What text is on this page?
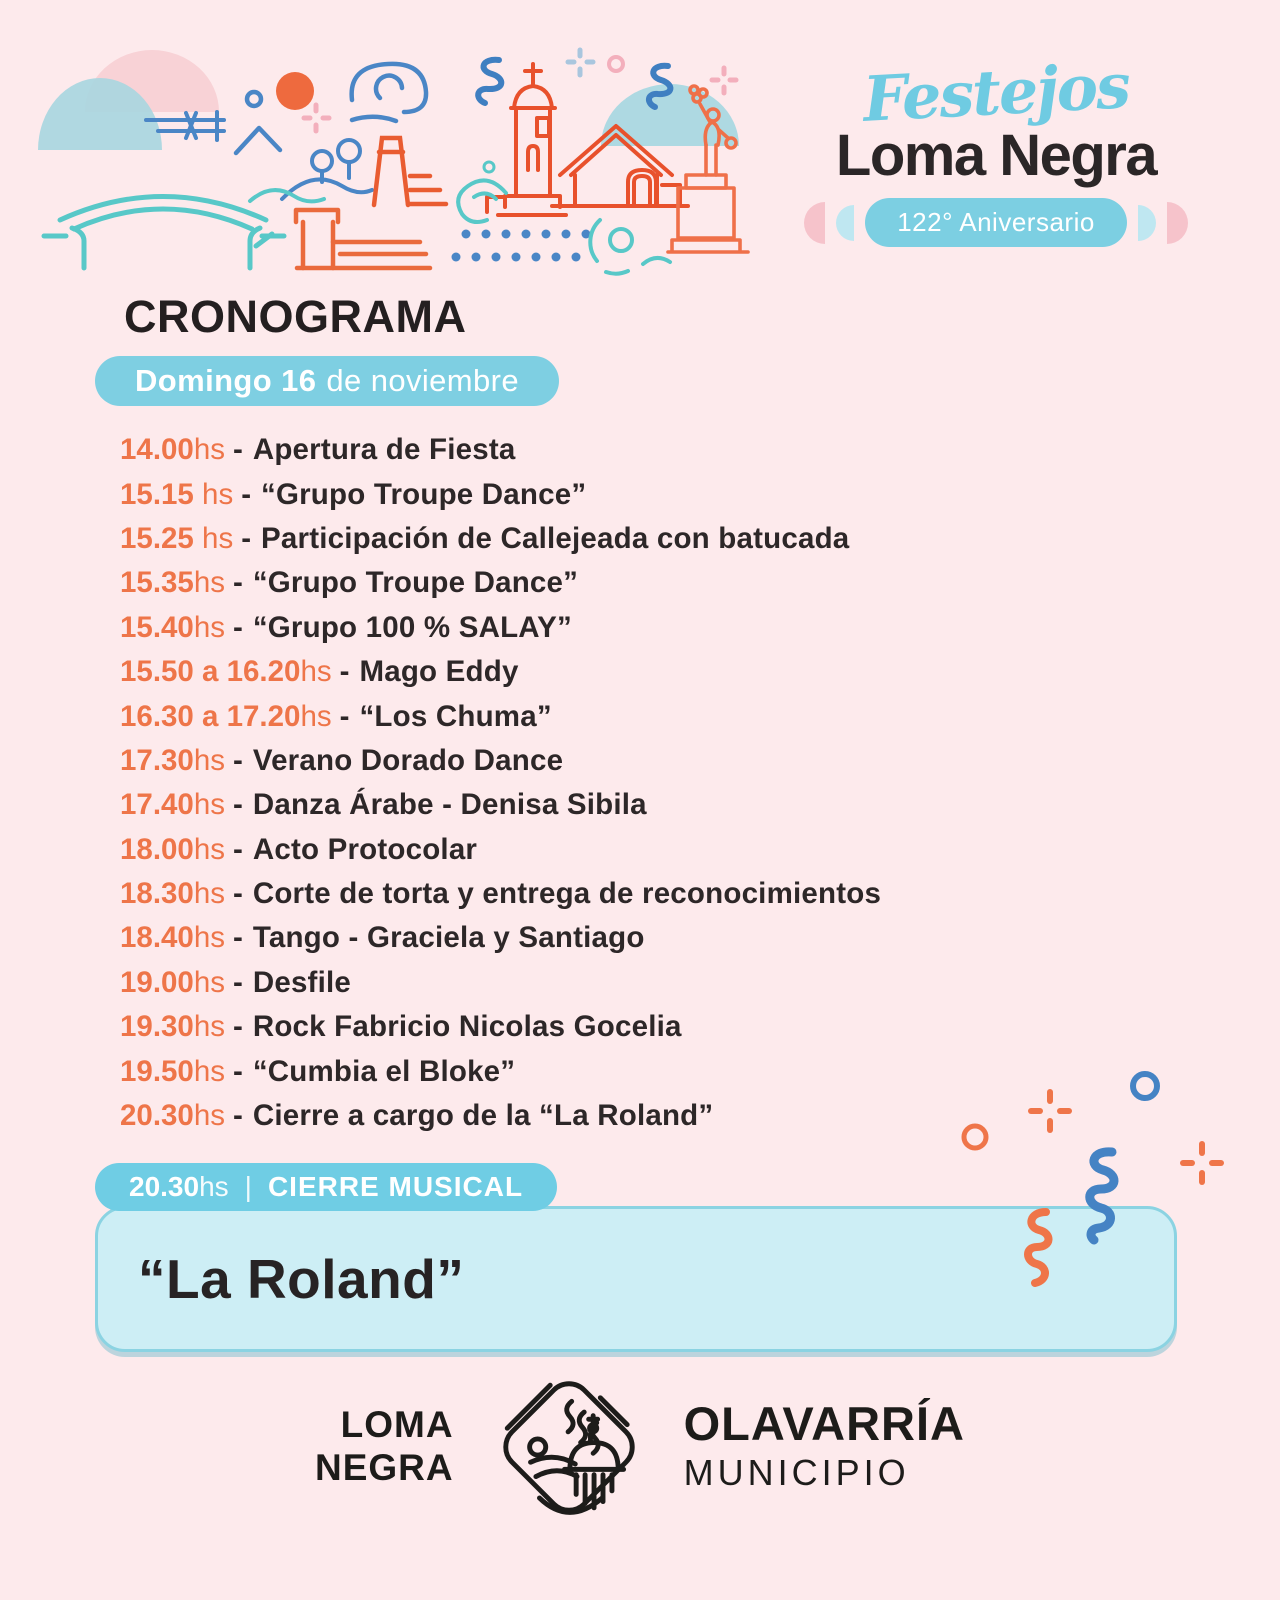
Festejos
Loma Negra
122° Aniversario
CRONOGRAMA
Domingo 16 de noviembre
14.00 hs - Apertura de Fiesta
15.15 hs - “Grupo Troupe Dance”
15.25 hs - Participación de Callejeada con batucada
15.35 hs - “Grupo Troupe Dance”
15.40 hs - “Grupo 100 % SALAY”
15.50 a 16.20 hs - Mago Eddy
16.30 a 17.20 hs - “Los Chuma”
17.30 hs - Verano Dorado Dance
17.40 hs - Danza Árabe - Denisa Sibila
18.00 hs - Acto Protocolar
18.30 hs - Corte de torta y entrega de reconocimientos
18.40 hs - Tango - Graciela y Santiago
19.00 hs - Desfile
19.30 hs - Rock Fabricio Nicolas Gocelia
19.50 hs - “Cumbia el Bloke”
20.30 hs - Cierre a cargo de la “La Roland”
20.30 hs | CIERRE MUSICAL
“La Roland”
LOMA
NEGRA
OLAVARRÍA
MUNICIPIO
